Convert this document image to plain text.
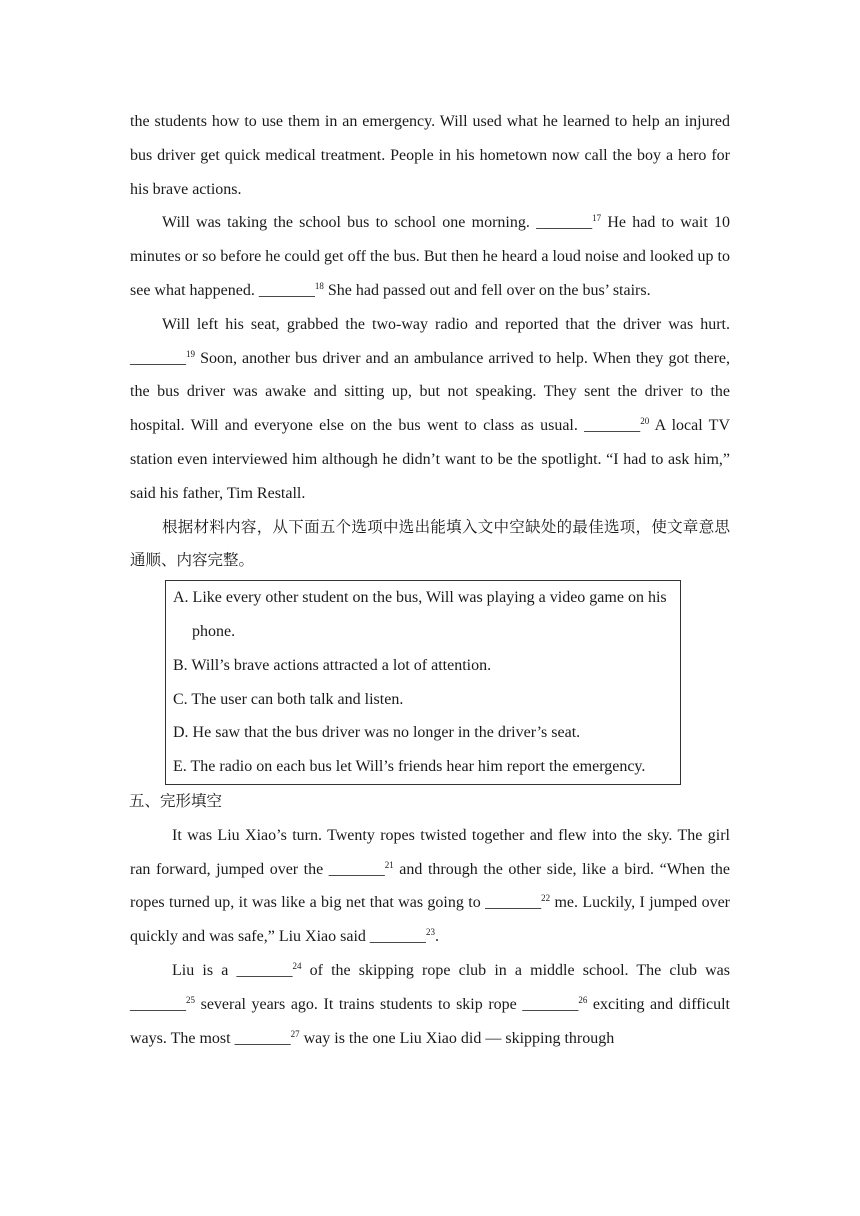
the students how to use them in an emergency. Will used what he learned to help an injured bus driver get quick medical treatment. People in his hometown now call the boy a hero for his brave actions.

Will was taking the school bus to school one morning. _______$^{17}$ He had to wait 10 minutes or so before he could get off the bus. But then he heard a loud noise and looked up to see what happened. _______$^{18}$ She had passed out and fell over on the bus’ stairs.

Will left his seat, grabbed the two-way radio and reported that the driver was hurt. _______$^{19}$ Soon, another bus driver and an ambulance arrived to help. When they got there, the bus driver was awake and sitting up, but not speaking. They sent the driver to the hospital. Will and everyone else on the bus went to class as usual. _______$^{20}$ A local TV station even interviewed him although he didn’t want to be the spotlight. “I had to ask him,” said his father, Tim Restall.

根据材料内容，从下面五个选项中选出能填入文中空缺处的最佳选项，使文章意思通顺、内容完整。

A. Like every other student on the bus, Will was playing a video game on his phone.

B. Will’s brave actions attracted a lot of attention.

C. The user can both talk and listen.

D. He saw that the bus driver was no longer in the driver’s seat.

E. The radio on each bus let Will’s friends hear him report the emergency.

五、完形填空

It was Liu Xiao’s turn. Twenty ropes twisted together and flew into the sky. The girl ran forward, jumped over the _______$^{21}$ and through the other side, like a bird. “When the ropes turned up, it was like a big net that was going to _______$^{22}$ me. Luckily, I jumped over quickly and was safe,” Liu Xiao said _______$^{23}$.

Liu is a _______$^{24}$ of the skipping rope club in a middle school. The club was _______$^{25}$ several years ago. It trains students to skip rope _______$^{26}$ exciting and difficult ways. The most _______$^{27}$ way is the one Liu Xiao did — skipping through
